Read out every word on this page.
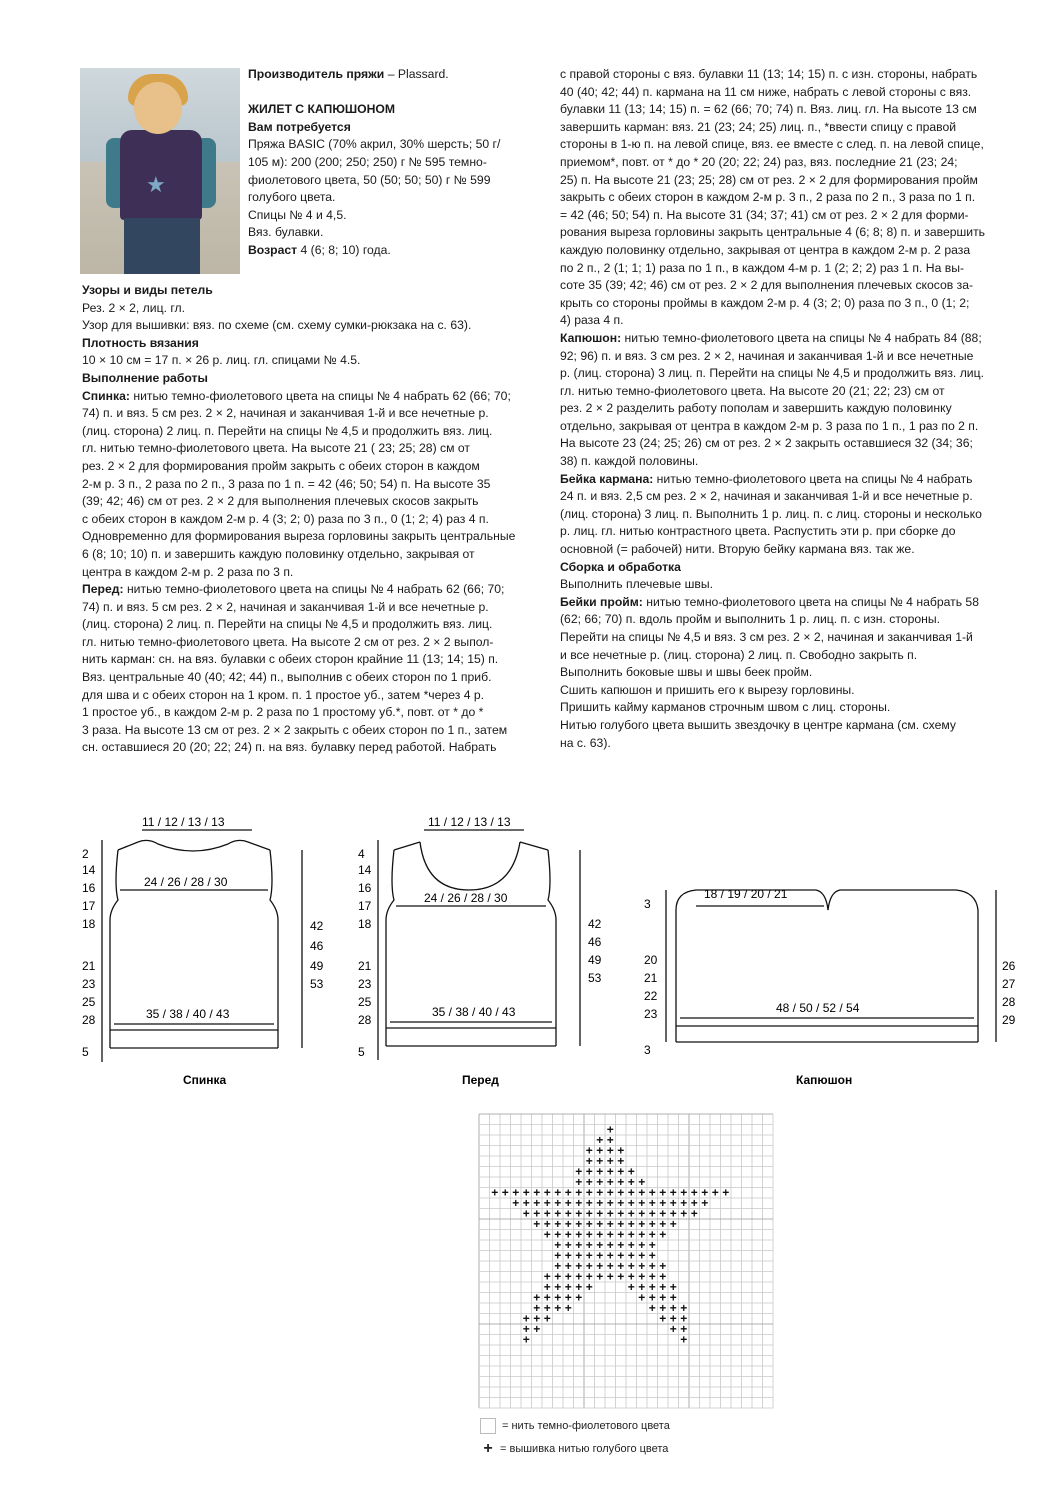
★

Производитель пряжи – Plassard.

ЖИЛЕТ С КАПЮШОНОМ

Вам потребуется

Пряжа BASIC (70% акрил, 30% шерсть; 50 г/

105 м): 200 (200; 250; 250) г № 595 темно-

фиолетового цвета, 50 (50; 50; 50) г № 599

голубого цвета.

Спицы № 4 и 4,5.

Вяз. булавки.

Возраст 4 (6; 8; 10) года.

Узоры и виды петель

Рез. 2 × 2, лиц. гл.

Узор для вышивки: вяз. по схеме (см. схему сумки-рюкзака на с. 63).

Плотность вязания

10 × 10 см = 17 п. × 26 р. лиц. гл. спицами № 4.5.

Выполнение работы

Спинка: нитью темно-фиолетового цвета на спицы № 4 набрать 62 (66; 70;

74) п. и вяз. 5 см рез. 2 × 2, начиная и заканчивая 1-й и все нечетные р.

(лиц. сторона) 2 лиц. п. Перейти на спицы № 4,5 и продолжить вяз. лиц.

гл. нитью темно-фиолетового цвета. На высоте 21 ( 23; 25; 28) см от

рез. 2 × 2 для формирования пройм закрыть с обеих сторон в каждом

2-м р. 3 п., 2 раза по 2 п., 3 раза по 1 п. = 42 (46; 50; 54) п. На высоте 35

(39; 42; 46) см от рез. 2 × 2 для выполнения плечевых скосов закрыть

с обеих сторон в каждом 2-м р. 4 (3; 2; 0) раза по 3 п., 0 (1; 2; 4) раз 4 п.

Одновременно для формирования выреза горловины закрыть центральные

6 (8; 10; 10) п. и завершить каждую половинку отдельно, закрывая от

центра в каждом 2-м р. 2 раза по 3 п.

Перед: нитью темно-фиолетового цвета на спицы № 4 набрать 62 (66; 70;

74) п. и вяз. 5 см рез. 2 × 2, начиная и заканчивая 1-й и все нечетные р.

(лиц. сторона) 2 лиц. п. Перейти на спицы № 4,5 и продолжить вяз. лиц.

гл. нитью темно-фиолетового цвета. На высоте 2 см от рез. 2 × 2 выпол-

нить карман: сн. на вяз. булавки с обеих сторон крайние 11 (13; 14; 15) п.

Вяз. центральные 40 (40; 42; 44) п., выполнив с обеих сторон по 1 приб.

для шва и с обеих сторон на 1 кром. п. 1 простое уб., затем *через 4 р.

1 простое уб., в каждом 2-м р. 2 раза по 1 простому уб.*, повт. от * до *

3 раза. На высоте 13 см от рез. 2 × 2 закрыть с обеих сторон по 1 п., затем

сн. оставшиеся 20 (20; 22; 24) п. на вяз. булавку перед работой. Набрать

с правой стороны с вяз. булавки 11 (13; 14; 15) п. с изн. стороны, набрать

40 (40; 42; 44) п. кармана на 11 см ниже, набрать с левой стороны с вяз.

булавки 11 (13; 14; 15) п. = 62 (66; 70; 74) п. Вяз. лиц. гл. На высоте 13 см

завершить карман: вяз. 21 (23; 24; 25) лиц. п., *ввести спицу с правой

стороны в 1-ю п. на левой спице, вяз. ее вместе с след. п. на левой спице,

приемом*, повт. от * до * 20 (20; 22; 24) раз, вяз. последние 21 (23; 24;

25) п. На высоте 21 (23; 25; 28) см от рез. 2 × 2 для формирования пройм

закрыть с обеих сторон в каждом 2-м р. 3 п., 2 раза по 2 п., 3 раза по 1 п.

= 42 (46; 50; 54) п. На высоте 31 (34; 37; 41) см от рез. 2 × 2 для форми-

рования выреза горловины закрыть центральные 4 (6; 8; 8) п. и завершить

каждую половинку отдельно, закрывая от центра в каждом 2-м р. 2 раза

по 2 п., 2 (1; 1; 1) раза по 1 п., в каждом 4-м р. 1 (2; 2; 2) раз 1 п. На вы-

соте 35 (39; 42; 46) см от рез. 2 × 2 для выполнения плечевых скосов за-

крыть со стороны проймы в каждом 2-м р. 4 (3; 2; 0) раза по 3 п., 0 (1; 2;

4) раза 4 п.

Капюшон: нитью темно-фиолетового цвета на спицы № 4 набрать 84 (88;

92; 96) п. и вяз. 3 см рез. 2 × 2, начиная и заканчивая 1-й и все нечетные

р. (лиц. сторона) 3 лиц. п. Перейти на спицы № 4,5 и продолжить вяз. лиц.

гл. нитью темно-фиолетового цвета. На высоте 20 (21; 22; 23) см от

рез. 2 × 2 разделить работу пополам и завершить каждую половинку

отдельно, закрывая от центра в каждом 2-м р. 3 раза по 1 п., 1 раз по 2 п.

На высоте 23 (24; 25; 26) см от рез. 2 × 2 закрыть оставшиеся 32 (34; 36;

38) п. каждой половины.

Бейка кармана: нитью темно-фиолетового цвета на спицы № 4 набрать

24 п. и вяз. 2,5 см рез. 2 × 2, начиная и заканчивая 1-й и все нечетные р.

(лиц. сторона) 3 лиц. п. Выполнить 1 р. лиц. п. с лиц. стороны и несколько

р. лиц. гл. нитью контрастного цвета. Распустить эти р. при сборке до

основной (= рабочей) нити. Вторую бейку кармана вяз. так же.

Сборка и обработка

Выполнить плечевые швы.

Бейки пройм: нитью темно-фиолетового цвета на спицы № 4 набрать 58

(62; 66; 70) п. вдоль пройм и выполнить 1 р. лиц. п. с изн. стороны.

Перейти на спицы № 4,5 и вяз. 3 см рез. 2 × 2, начиная и заканчивая 1-й

и все нечетные р. (лиц. сторона) 2 лиц. п. Свободно закрыть п.

Выполнить боковые швы и швы беек пройм.

Сшить капюшон и пришить его к вырезу горловины.

Пришить кайму карманов строчным швом с лиц. стороны.

Нитью голубого цвета вышить звездочку в центре кармана (см. схему

на с. 63).

11 / 12 / 13 / 13
24 / 26 / 28 / 30
35 / 38 / 40 / 43
2
14
16
17
18
21
23
25
28
5
42
46
49
53
Спинка
11 / 12 / 13 / 13
24 / 26 / 28 / 30
35 / 38 / 40 / 43
4
14
16
17
18
21
23
25
28
5
42
46
49
53
Перед
18 / 19 / 20 / 21
48 / 50 / 52 / 54
3
20
21
22
23
3
26
27
28
29
Капюшон
+
+ +
+ + + +
+ + + +
+ + + + + +
+ + + + + + +
+ + + + + + + + + + + + + + + + + + + + + + +
+ + + + + + + + + + + + + + + + + + +
+ + + + + + + + + + + + + + + + +
+ + + + + + + + + + + + + +
+ + + + + + + + + + + +
+ + + + + + + + + +
+ + + + + + + + + +
+ + + + + + + + + + +
+ + + + + + + + + + + +
+ + + + +	+ + + + +
+ + + + +	+ + + +
+ + + +	+ + + +
+ + +	+ + +
+ +	+ +
+	+
= нить темно-фиолетового цвета
+ = вышивка нитью голубого цвета
